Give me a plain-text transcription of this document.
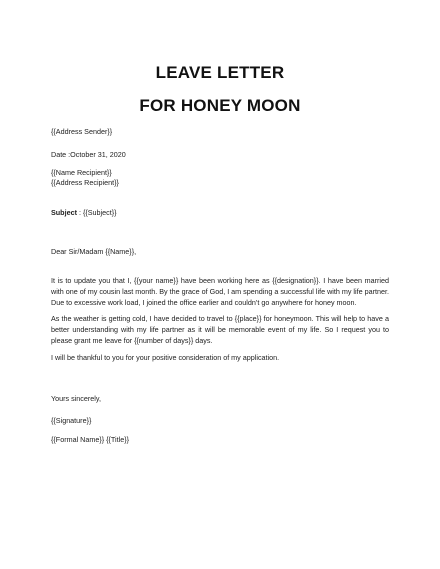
LEAVE LETTER
FOR HONEY MOON
{{Address Sender}}
Date :October 31, 2020
{{Name Recipient}}
{{Address Recipient}}
Subject : {{Subject}}
Dear Sir/Madam {{Name}},
It is to update you that I, {{your name}} have been working here as {{designation}}. I have been married with one of my cousin last month. By the grace of God, I am spending a successful life with my life partner. Due to excessive work load, I joined the office earlier and couldn’t go anywhere for honey moon.
As the weather is getting cold, I have decided to travel to {{place}} for honeymoon. This will help to have a better understanding with my life partner as it will be memorable event of my life. So I request you to please grant me leave for {{number of days}} days.
I will be thankful to you for your positive consideration of my application.
Yours sincerely,
{{Signature}}
{{Formal Name}} {{Title}}
